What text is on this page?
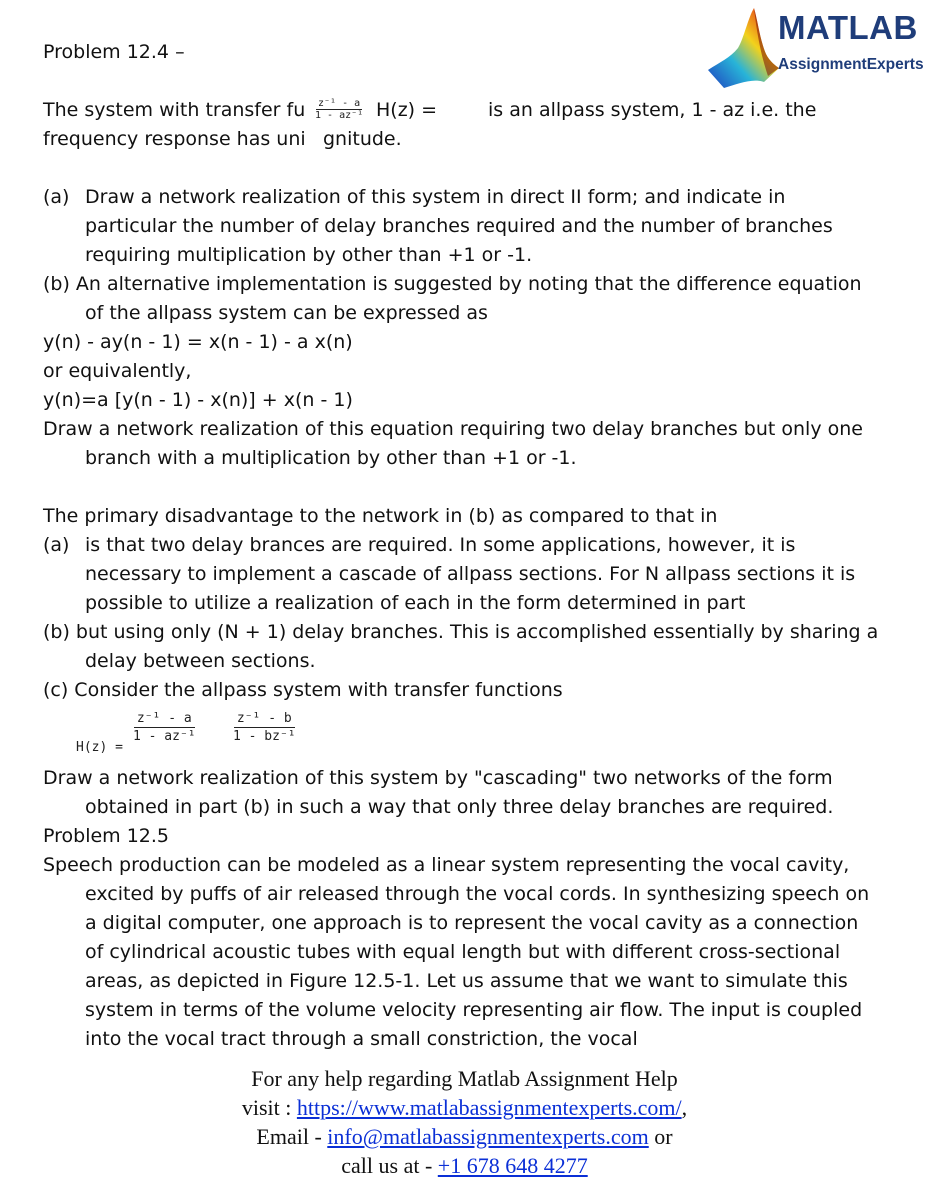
MATLAB
AssignmentExperts
Problem 12.4 –
The system with transfer fu $\frac{\text{z⁻¹ - a}}{\text{1 - az⁻¹}} H(z)$ =	is an allpass system, 1 - az i.e. the
frequency response has uni gnitude.
(a) Draw a network realization of this system in direct II form; and indicate in
particular the number of delay branches required and the number of branches
requiring multiplication by other than +1 or -1.
(b) An alternative implementation is suggested by noting that the difference equation
of the allpass system can be expressed as
y(n) - ay(n - 1) = x(n - 1) - a x(n)
or equivalently,
y(n)=a [y(n - 1) - x(n)] + x(n - 1)
Draw a network realization of this equation requiring two delay branches but only one
branch with a multiplication by other than +1 or -1.
The primary disadvantage to the network in (b) as compared to that in
(a) is that two delay brances are required. In some applications, however, it is
necessary to implement a cascade of allpass sections. For N allpass sections it is
possible to utilize a realization of each in the form determined in part
(b) but using only (N + 1) delay branches. This is accomplished essentially by sharing a
delay between sections.
(c) Consider the allpass system with transfer functions
H(z) =
$\frac{\text{z⁻¹ - a}}{\text{1 - az⁻¹}}$	$\frac{\text{z⁻¹ - b}}{\text{1 - bz⁻¹}}$
Draw a network realization of this system by "cascading" two networks of the form
obtained in part (b) in such a way that only three delay branches are required.
Problem 12.5
Speech production can be modeled as a linear system representing the vocal cavity,
excited by puffs of air released through the vocal cords. In synthesizing speech on
a digital computer, one approach is to represent the vocal cavity as a connection
of cylindrical acoustic tubes with equal length but with different cross-sectional
areas, as depicted in Figure 12.5-1. Let us assume that we want to simulate this
system in terms of the volume velocity representing air flow. The input is coupled
into the vocal tract through a small constriction, the vocal
For any help regarding Matlab Assignment Help
visit : https://www.matlabassignmentexperts.com/,
Email - info@matlabassignmentexperts.com or
call us at - +1 678 648 4277
